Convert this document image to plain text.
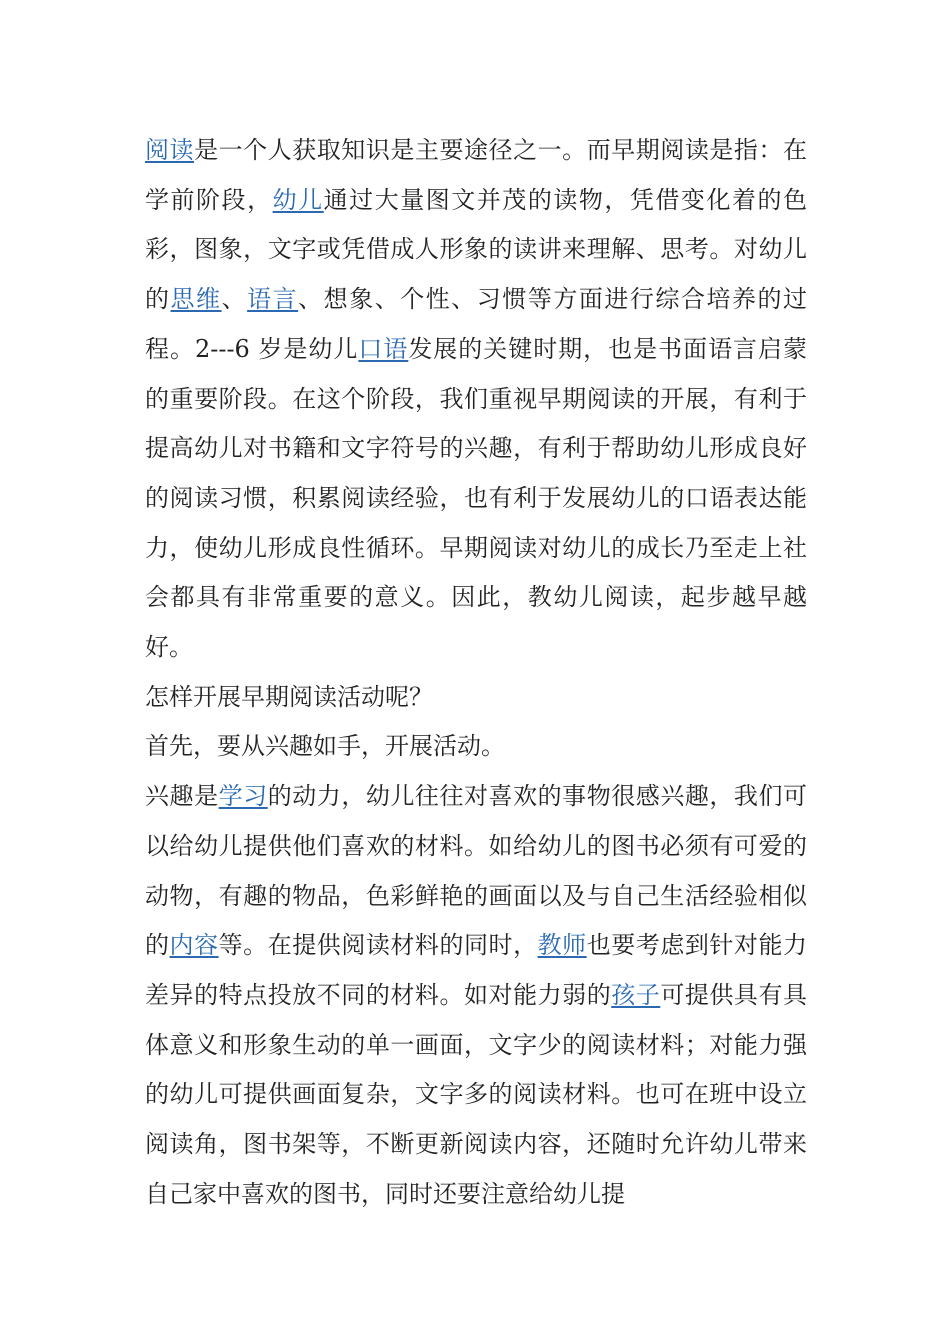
阅读是一个人获取知识是主要途径之一。而早期阅读是指：在学前阶段，幼儿通过大量图文并茂的读物，凭借变化着的色彩，图象，文字或凭借成人形象的读讲来理解、思考。对幼儿的思维、语言、想象、个性、习惯等方面进行综合培养的过程。2---6 岁是幼儿口语发展的关键时期，也是书面语言启蒙的重要阶段。在这个阶段，我们重视早期阅读的开展，有利于提高幼儿对书籍和文字符号的兴趣，有利于帮助幼儿形成良好的阅读习惯，积累阅读经验，也有利于发展幼儿的口语表达能力，使幼儿形成良性循环。早期阅读对幼儿的成长乃至走上社会都具有非常重要的意义。因此，教幼儿阅读，起步越早越好。

怎样开展早期阅读活动呢？

首先，要从兴趣如手，开展活动。

兴趣是学习的动力，幼儿往往对喜欢的事物很感兴趣，我们可以给幼儿提供他们喜欢的材料。如给幼儿的图书必须有可爱的动物，有趣的物品，色彩鲜艳的画面以及与自己生活经验相似的内容等。在提供阅读材料的同时，教师也要考虑到针对能力差异的特点投放不同的材料。如对能力弱的孩子可提供具有具体意义和形象生动的单一画面，文字少的阅读材料；对能力强的幼儿可提供画面复杂，文字多的阅读材料。也可在班中设立阅读角，图书架等，不断更新阅读内容，还随时允许幼儿带来自己家中喜欢的图书，同时还要注意给幼儿提
